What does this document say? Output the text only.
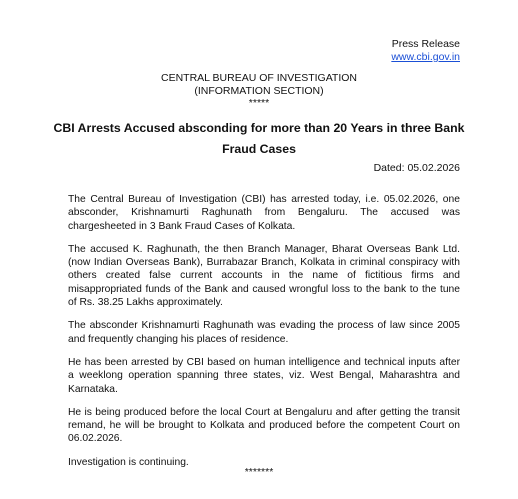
Press Release
www.cbi.gov.in
CENTRAL BUREAU OF INVESTIGATION
(INFORMATION SECTION)
*****
CBI Arrests Accused absconding for more than 20 Years in three Bank Fraud Cases
Dated: 05.02.2026

The Central Bureau of Investigation (CBI) has arrested today, i.e. 05.02.2026, one absconder, Krishnamurti Raghunath from Bengaluru. The accused was chargesheeted in 3 Bank Fraud Cases of Kolkata.

The accused K. Raghunath, the then Branch Manager, Bharat Overseas Bank Ltd. (now Indian Overseas Bank), Burrabazar Branch, Kolkata in criminal conspiracy with others created false current accounts in the name of fictitious firms and misappropriated funds of the Bank and caused wrongful loss to the bank to the tune of Rs. 38.25 Lakhs approximately.

The absconder Krishnamurti Raghunath was evading the process of law since 2005 and frequently changing his places of residence.

He has been arrested by CBI based on human intelligence and technical inputs after a weeklong operation spanning three states, viz. West Bengal, Maharashtra and Karnataka.

He is being produced before the local Court at Bengaluru and after getting the transit remand, he will be brought to Kolkata and produced before the competent Court on 06.02.2026.

Investigation is continuing.

*******
